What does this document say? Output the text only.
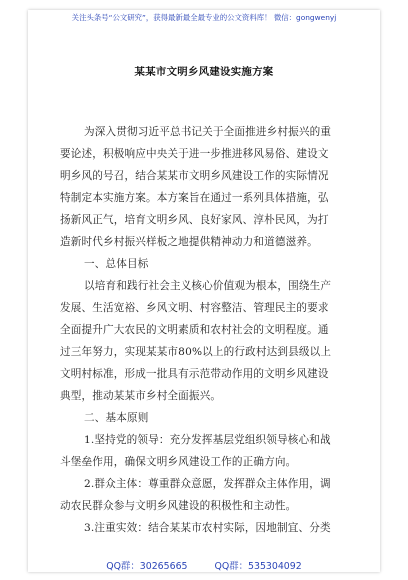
关注头条号“公文研究”，获得最新最全最专业的公文资料库！ 微信：gongwenyj
某某市文明乡风建设实施方案
为深入贯彻习近平总书记关于全面推进乡村振兴的重
要论述，积极响应中央关于进一步推进移风易俗、建设文
明乡风的号召，结合某某市文明乡风建设工作的实际情况
特制定本实施方案。本方案旨在通过一系列具体措施，弘
扬新风正气，培育文明乡风、良好家风、淳朴民风，为打
造新时代乡村振兴样板之地提供精神动力和道德滋养。
一、总体目标
以培育和践行社会主义核心价值观为根本，围绕生产
发展、生活宽裕、乡风文明、村容整洁、管理民主的要求
全面提升广大农民的文明素质和农村社会的文明程度。通
过三年努力，实现某某市80%以上的行政村达到县级以上
文明村标准，形成一批具有示范带动作用的文明乡风建设
典型，推动某某市乡村全面振兴。
二、基本原则
1.坚持党的领导：充分发挥基层党组织领导核心和战
斗堡垒作用，确保文明乡风建设工作的正确方向。
2.群众主体：尊重群众意愿，发挥群众主体作用，调
动农民群众参与文明乡风建设的积极性和主动性。
3.注重实效：结合某某市农村实际，因地制宜、分类
QQ群：30265665	QQ群：535304092
